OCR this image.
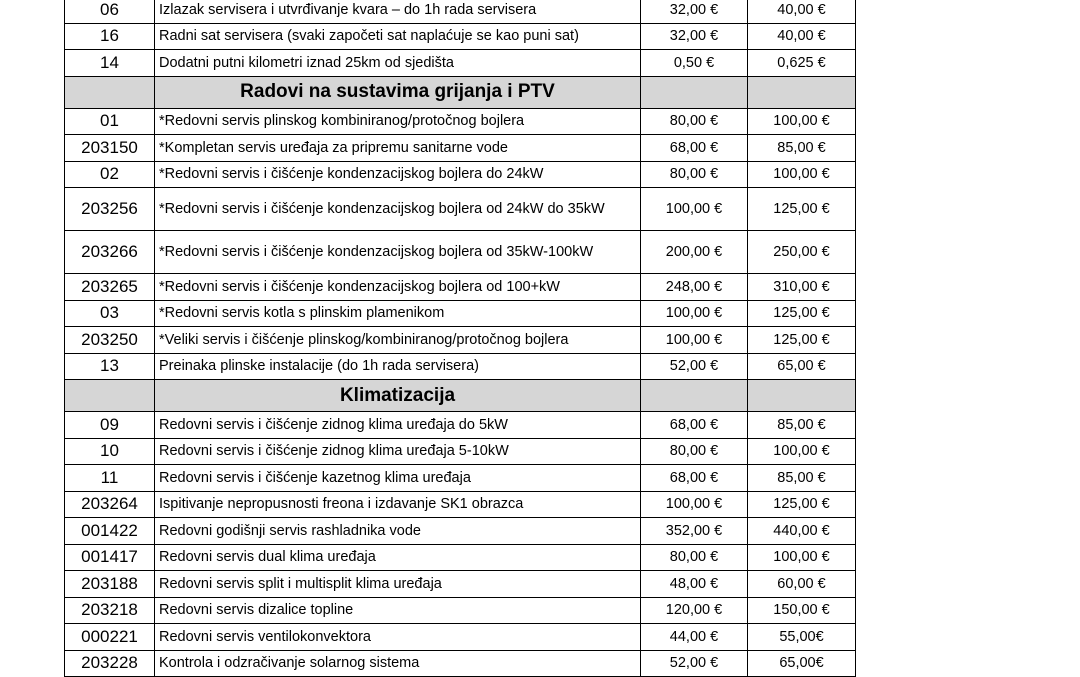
06	Izlazak servisera i utvrđivanje kvara – do 1h rada servisera	32,00 €	40,00 €
16	Radni sat servisera (svaki započeti sat naplaćuje se kao puni sat)	32,00 €	40,00 €
14	Dodatni putni kilometri iznad 25km od sjedišta	0,50 €	0,625 €
	Radovi na sustavima grijanja i PTV		
01	*Redovni servis plinskog kombiniranog/protočnog bojlera	80,00 €	100,00 €
203150	*Kompletan servis uređaja za pripremu sanitarne vode	68,00 €	85,00 €
02	*Redovni servis i čišćenje kondenzacijskog bojlera do 24kW	80,00 €	100,00 €
203256	*Redovni servis i čišćenje kondenzacijskog bojlera od 24kW do 35kW	100,00 €	125,00 €
203266	*Redovni servis i čišćenje kondenzacijskog bojlera od 35kW-100kW	200,00 €	250,00 €
203265	*Redovni servis i čišćenje kondenzacijskog bojlera od 100+kW	248,00 €	310,00 €
03	*Redovni servis kotla s plinskim plamenikom	100,00 €	125,00 €
203250	*Veliki servis i čišćenje plinskog/kombiniranog/protočnog bojlera	100,00 €	125,00 €
13	Preinaka plinske instalacije (do 1h rada servisera)	52,00 €	65,00 €
	Klimatizacija		
09	Redovni servis i čišćenje zidnog klima uređaja do 5kW	68,00 €	85,00 €
10	Redovni servis i čišćenje zidnog klima uređaja 5-10kW	80,00 €	100,00 €
11	Redovni servis i čišćenje kazetnog klima uređaja	68,00 €	85,00 €
203264	Ispitivanje nepropusnosti freona i izdavanje SK1 obrazca	100,00 €	125,00 €
001422	Redovni godišnji servis rashladnika vode	352,00 €	440,00 €
001417	Redovni servis dual klima uređaja	80,00 €	100,00 €
203188	Redovni servis split i multisplit klima uređaja	48,00 €	60,00 €
203218	Redovni servis dizalice topline	120,00 €	150,00 €
000221	Redovni servis ventilokonvektora	44,00 €	55,00€
203228	Kontrola i odzračivanje solarnog sistema	52,00 €	65,00€
